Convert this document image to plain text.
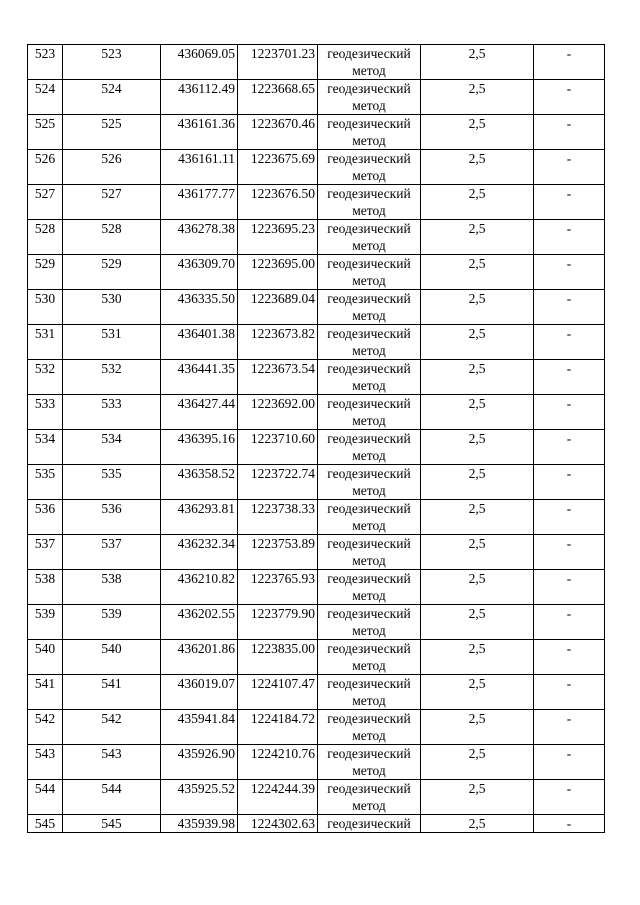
523	523	436069.05	1223701.23	геодезический метод	2,5	-
524	524	436112.49	1223668.65	геодезический метод	2,5	-
525	525	436161.36	1223670.46	геодезический метод	2,5	-
526	526	436161.11	1223675.69	геодезический метод	2,5	-
527	527	436177.77	1223676.50	геодезический метод	2,5	-
528	528	436278.38	1223695.23	геодезический метод	2,5	-
529	529	436309.70	1223695.00	геодезический метод	2,5	-
530	530	436335.50	1223689.04	геодезический метод	2,5	-
531	531	436401.38	1223673.82	геодезический метод	2,5	-
532	532	436441.35	1223673.54	геодезический метод	2,5	-
533	533	436427.44	1223692.00	геодезический метод	2,5	-
534	534	436395.16	1223710.60	геодезический метод	2,5	-
535	535	436358.52	1223722.74	геодезический метод	2,5	-
536	536	436293.81	1223738.33	геодезический метод	2,5	-
537	537	436232.34	1223753.89	геодезический метод	2,5	-
538	538	436210.82	1223765.93	геодезический метод	2,5	-
539	539	436202.55	1223779.90	геодезический метод	2,5	-
540	540	436201.86	1223835.00	геодезический метод	2,5	-
541	541	436019.07	1224107.47	геодезический метод	2,5	-
542	542	435941.84	1224184.72	геодезический метод	2,5	-
543	543	435926.90	1224210.76	геодезический метод	2,5	-
544	544	435925.52	1224244.39	геодезический метод	2,5	-
545	545	435939.98	1224302.63	геодезический	2,5	-
